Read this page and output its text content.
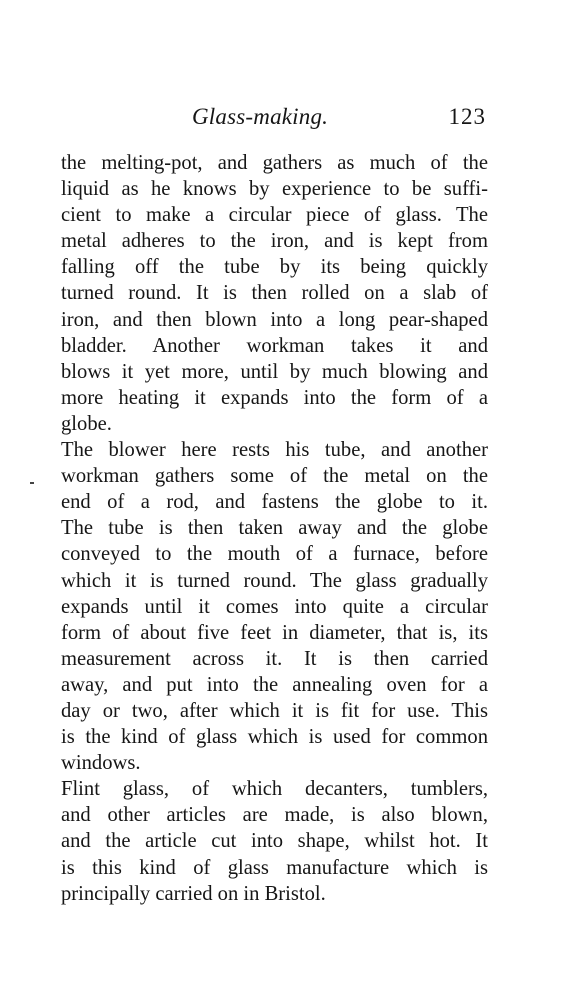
Glass-making.	123
the melting-pot, and gathers as much of the
liquid as he knows by experience to be suffi-
cient to make a circular piece of glass. The
metal adheres to the iron, and is kept from
falling off the tube by its being quickly
turned round. It is then rolled on a slab of
iron, and then blown into a long pear-shaped
bladder. Another workman takes it and
blows it yet more, until by much blowing and
more heating it expands into the form of a
globe.
The blower here rests his tube, and another
workman gathers some of the metal on the
end of a rod, and fastens the globe to it.
The tube is then taken away and the globe
conveyed to the mouth of a furnace, before
which it is turned round. The glass gradually
expands until it comes into quite a circular
form of about five feet in diameter, that is, its
measurement across it. It is then carried
away, and put into the annealing oven for a
day or two, after which it is fit for use. This
is the kind of glass which is used for common
windows.
Flint glass, of which decanters, tumblers,
and other articles are made, is also blown,
and the article cut into shape, whilst hot. It
is this kind of glass manufacture which is
principally carried on in Bristol.
